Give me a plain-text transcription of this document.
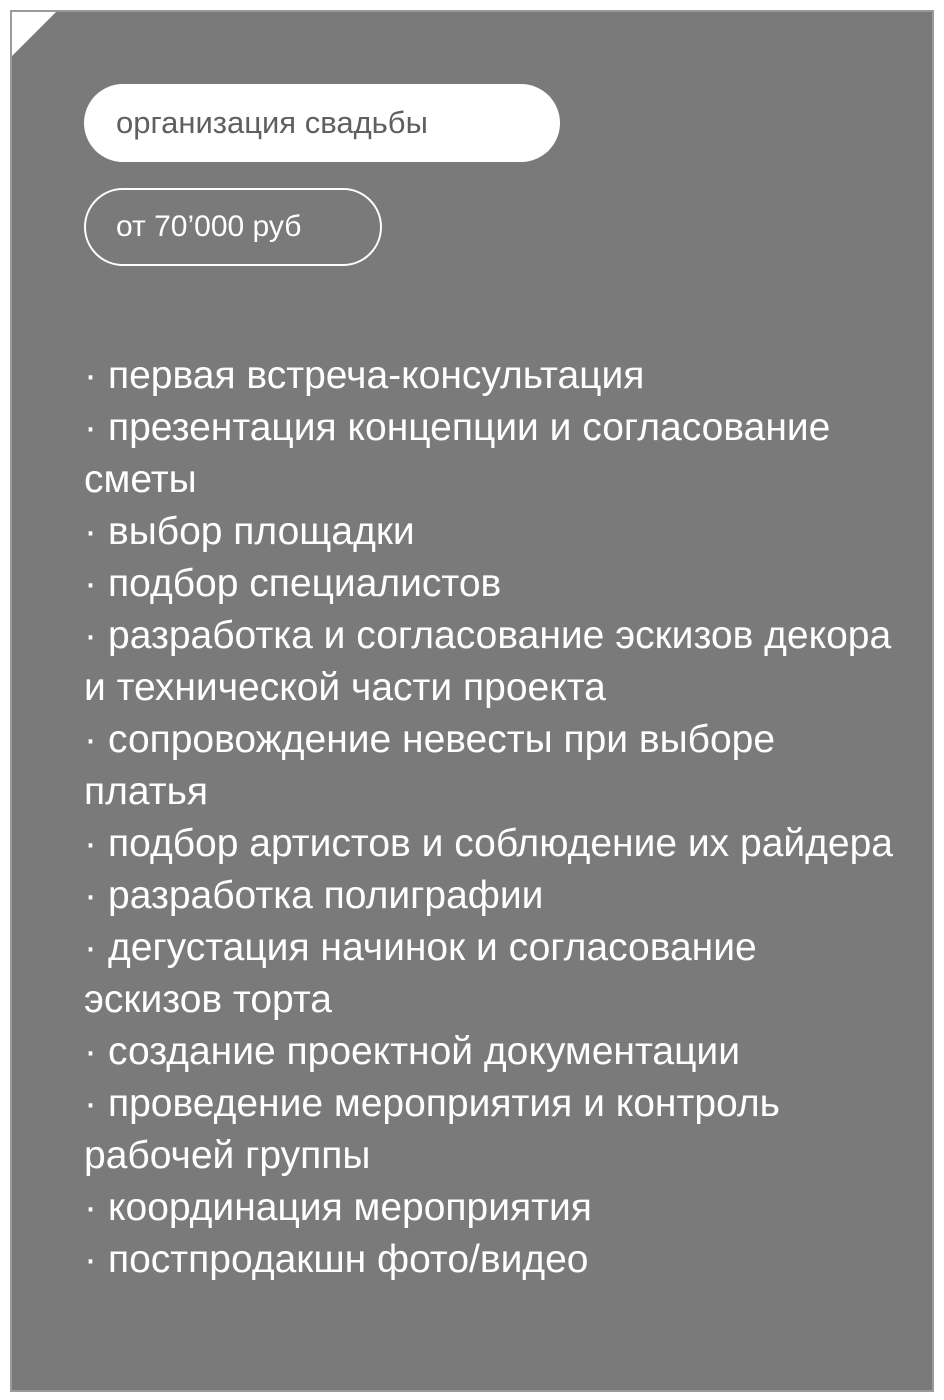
организация свадьбы
от 70’000 руб
· первая встреча-консультация
· презентация концепции и согласование сметы
· выбор площадки
· подбор специалистов
· разработка и согласование эскизов декора и технической части проекта
· сопровождение невесты при выборе платья
· подбор артистов и соблюдение их райдера
· разработка полиграфии
· дегустация начинок и согласование эскизов торта
· создание проектной документации
· проведение мероприятия и контроль рабочей группы
· координация мероприятия
· постпродакшн фото/видео
